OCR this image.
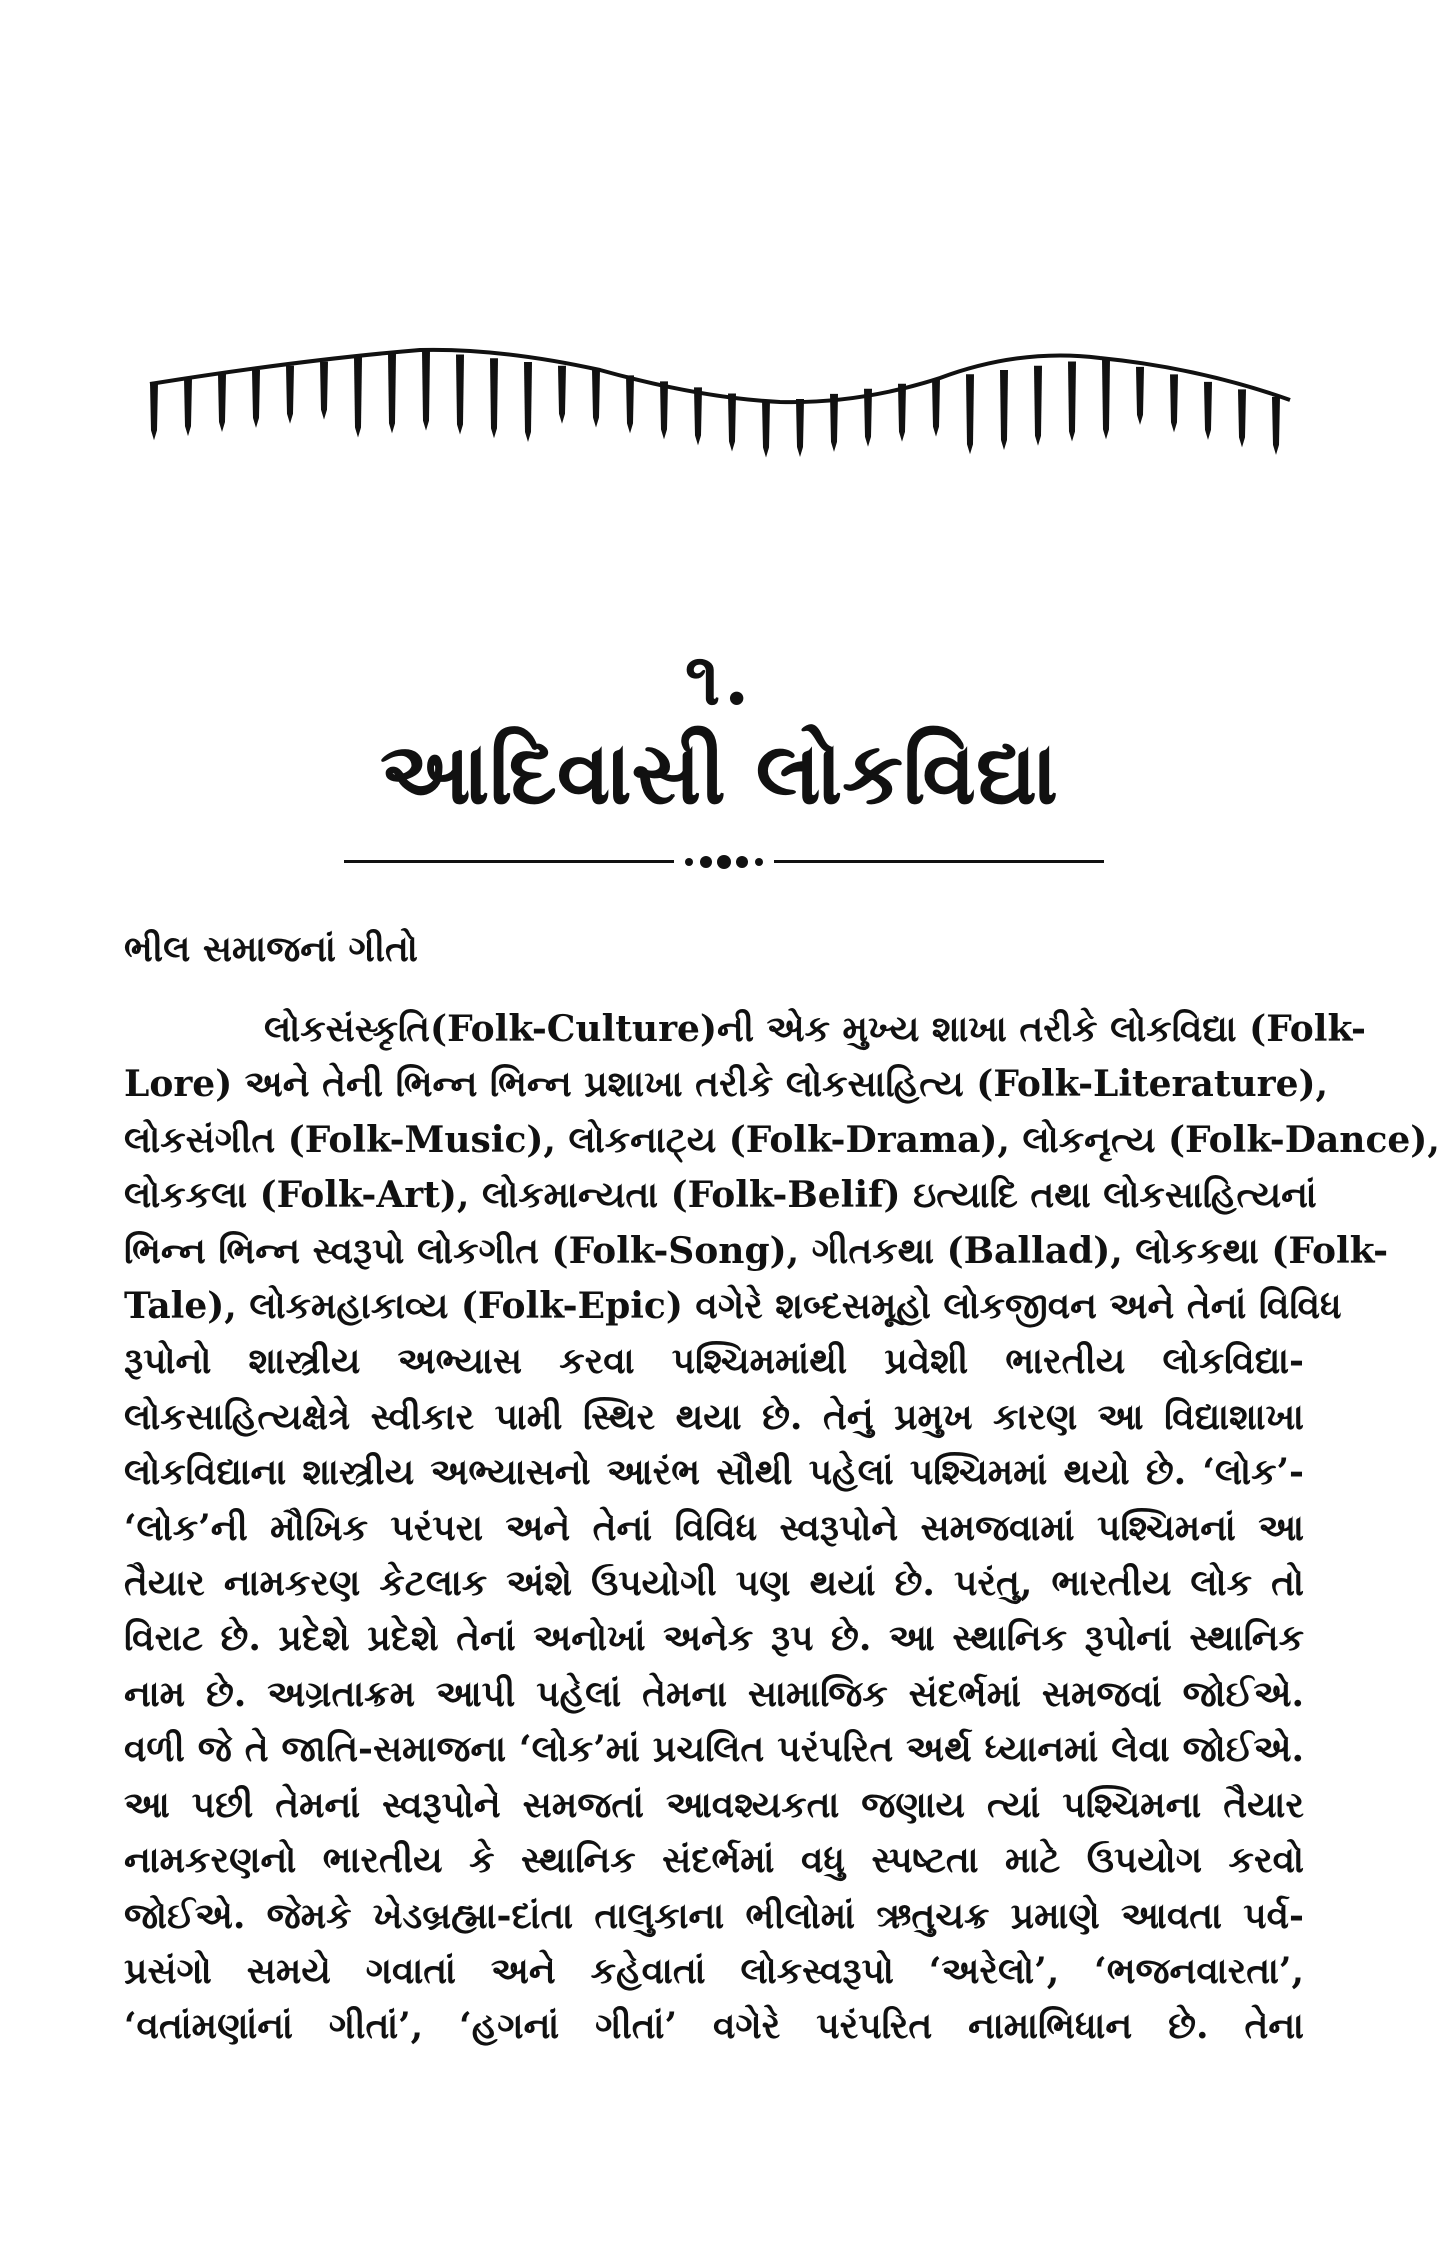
૧.
આદિવાસી લોકવિદ્યા
ભીલ સમાજનાં ગીતો
લોકસંસ્કૃતિ(Folk-Culture)ની એક મુખ્ય શાખા તરીકે લોકવિદ્યા (Folk-
Lore) અને તેની ભિન્ન ભિન્ન પ્રશાખા તરીકે લોકસાહિત્ય (Folk-Literature),
લોકસંગીત (Folk-Music), લોકનાટ્ય (Folk-Drama), લોકનૃત્ય (Folk-Dance),
લોકકલા (Folk-Art), લોકમાન્યતા (Folk-Belif) ઇત્યાદિ તથા લોકસાહિત્યનાં
ભિન્ન ભિન્ન સ્વરૂપો લોકગીત (Folk-Song), ગીતકથા (Ballad), લોકકથા (Folk-
Tale), લોકમહાકાવ્ય (Folk-Epic) વગેરે શબ્દસમૂહો લોકજીવન અને તેનાં વિવિધ
રૂપોનો શાસ્ત્રીય અભ્યાસ કરવા પશ્ચિમમાંથી પ્રવેશી ભારતીય લોકવિદ્યા-
લોકસાહિત્યક્ષેત્રે સ્વીકાર પામી સ્થિર થયા છે. તેનું પ્રમુખ કારણ આ વિદ્યાશાખા
લોકવિદ્યાના શાસ્ત્રીય અભ્યાસનો આરંભ સૌથી પહેલાં પશ્ચિમમાં થયો છે. ‘લોક’-
‘લોક’ની મૌખિક પરંપરા અને તેનાં વિવિધ સ્વરૂપોને સમજવામાં પશ્ચિમનાં આ
તૈયાર નામકરણ કેટલાક અંશે ઉપયોગી પણ થયાં છે. પરંતુ, ભારતીય લોક તો
વિરાટ છે. પ્રદેશે પ્રદેશે તેનાં અનોખાં અનેક રૂપ છે. આ સ્થાનિક રૂપોનાં સ્થાનિક
નામ છે. અગ્રતાક્રમ આપી પહેલાં તેમના સામાજિક સંદર્ભમાં સમજવાં જોઈએ.
વળી જે તે જાતિ-સમાજના ‘લોક’માં પ્રચલિત પરંપરિત અર્થ ધ્યાનમાં લેવા જોઈએ.
આ પછી તેમનાં સ્વરૂપોને સમજતાં આવશ્યકતા જણાય ત્યાં પશ્ચિમના તૈયાર
નામકરણનો ભારતીય કે સ્થાનિક સંદર્ભમાં વધુ સ્પષ્ટતા માટે ઉપયોગ કરવો
જોઈએ. જેમકે ખેડબ્રહ્મા-દાંતા તાલુકાના ભીલોમાં ઋતુચક્ર પ્રમાણે આવતા પર્વ-
પ્રસંગો સમયે ગવાતાં અને કહેવાતાં લોકસ્વરૂપો ‘અરેલો’, ‘ભજનવારતા’,
‘વતાંમણાંનાં ગીતાં’, ‘હગનાં ગીતાં’ વગેરે પરંપરિત નામાભિધાન છે. તેના
